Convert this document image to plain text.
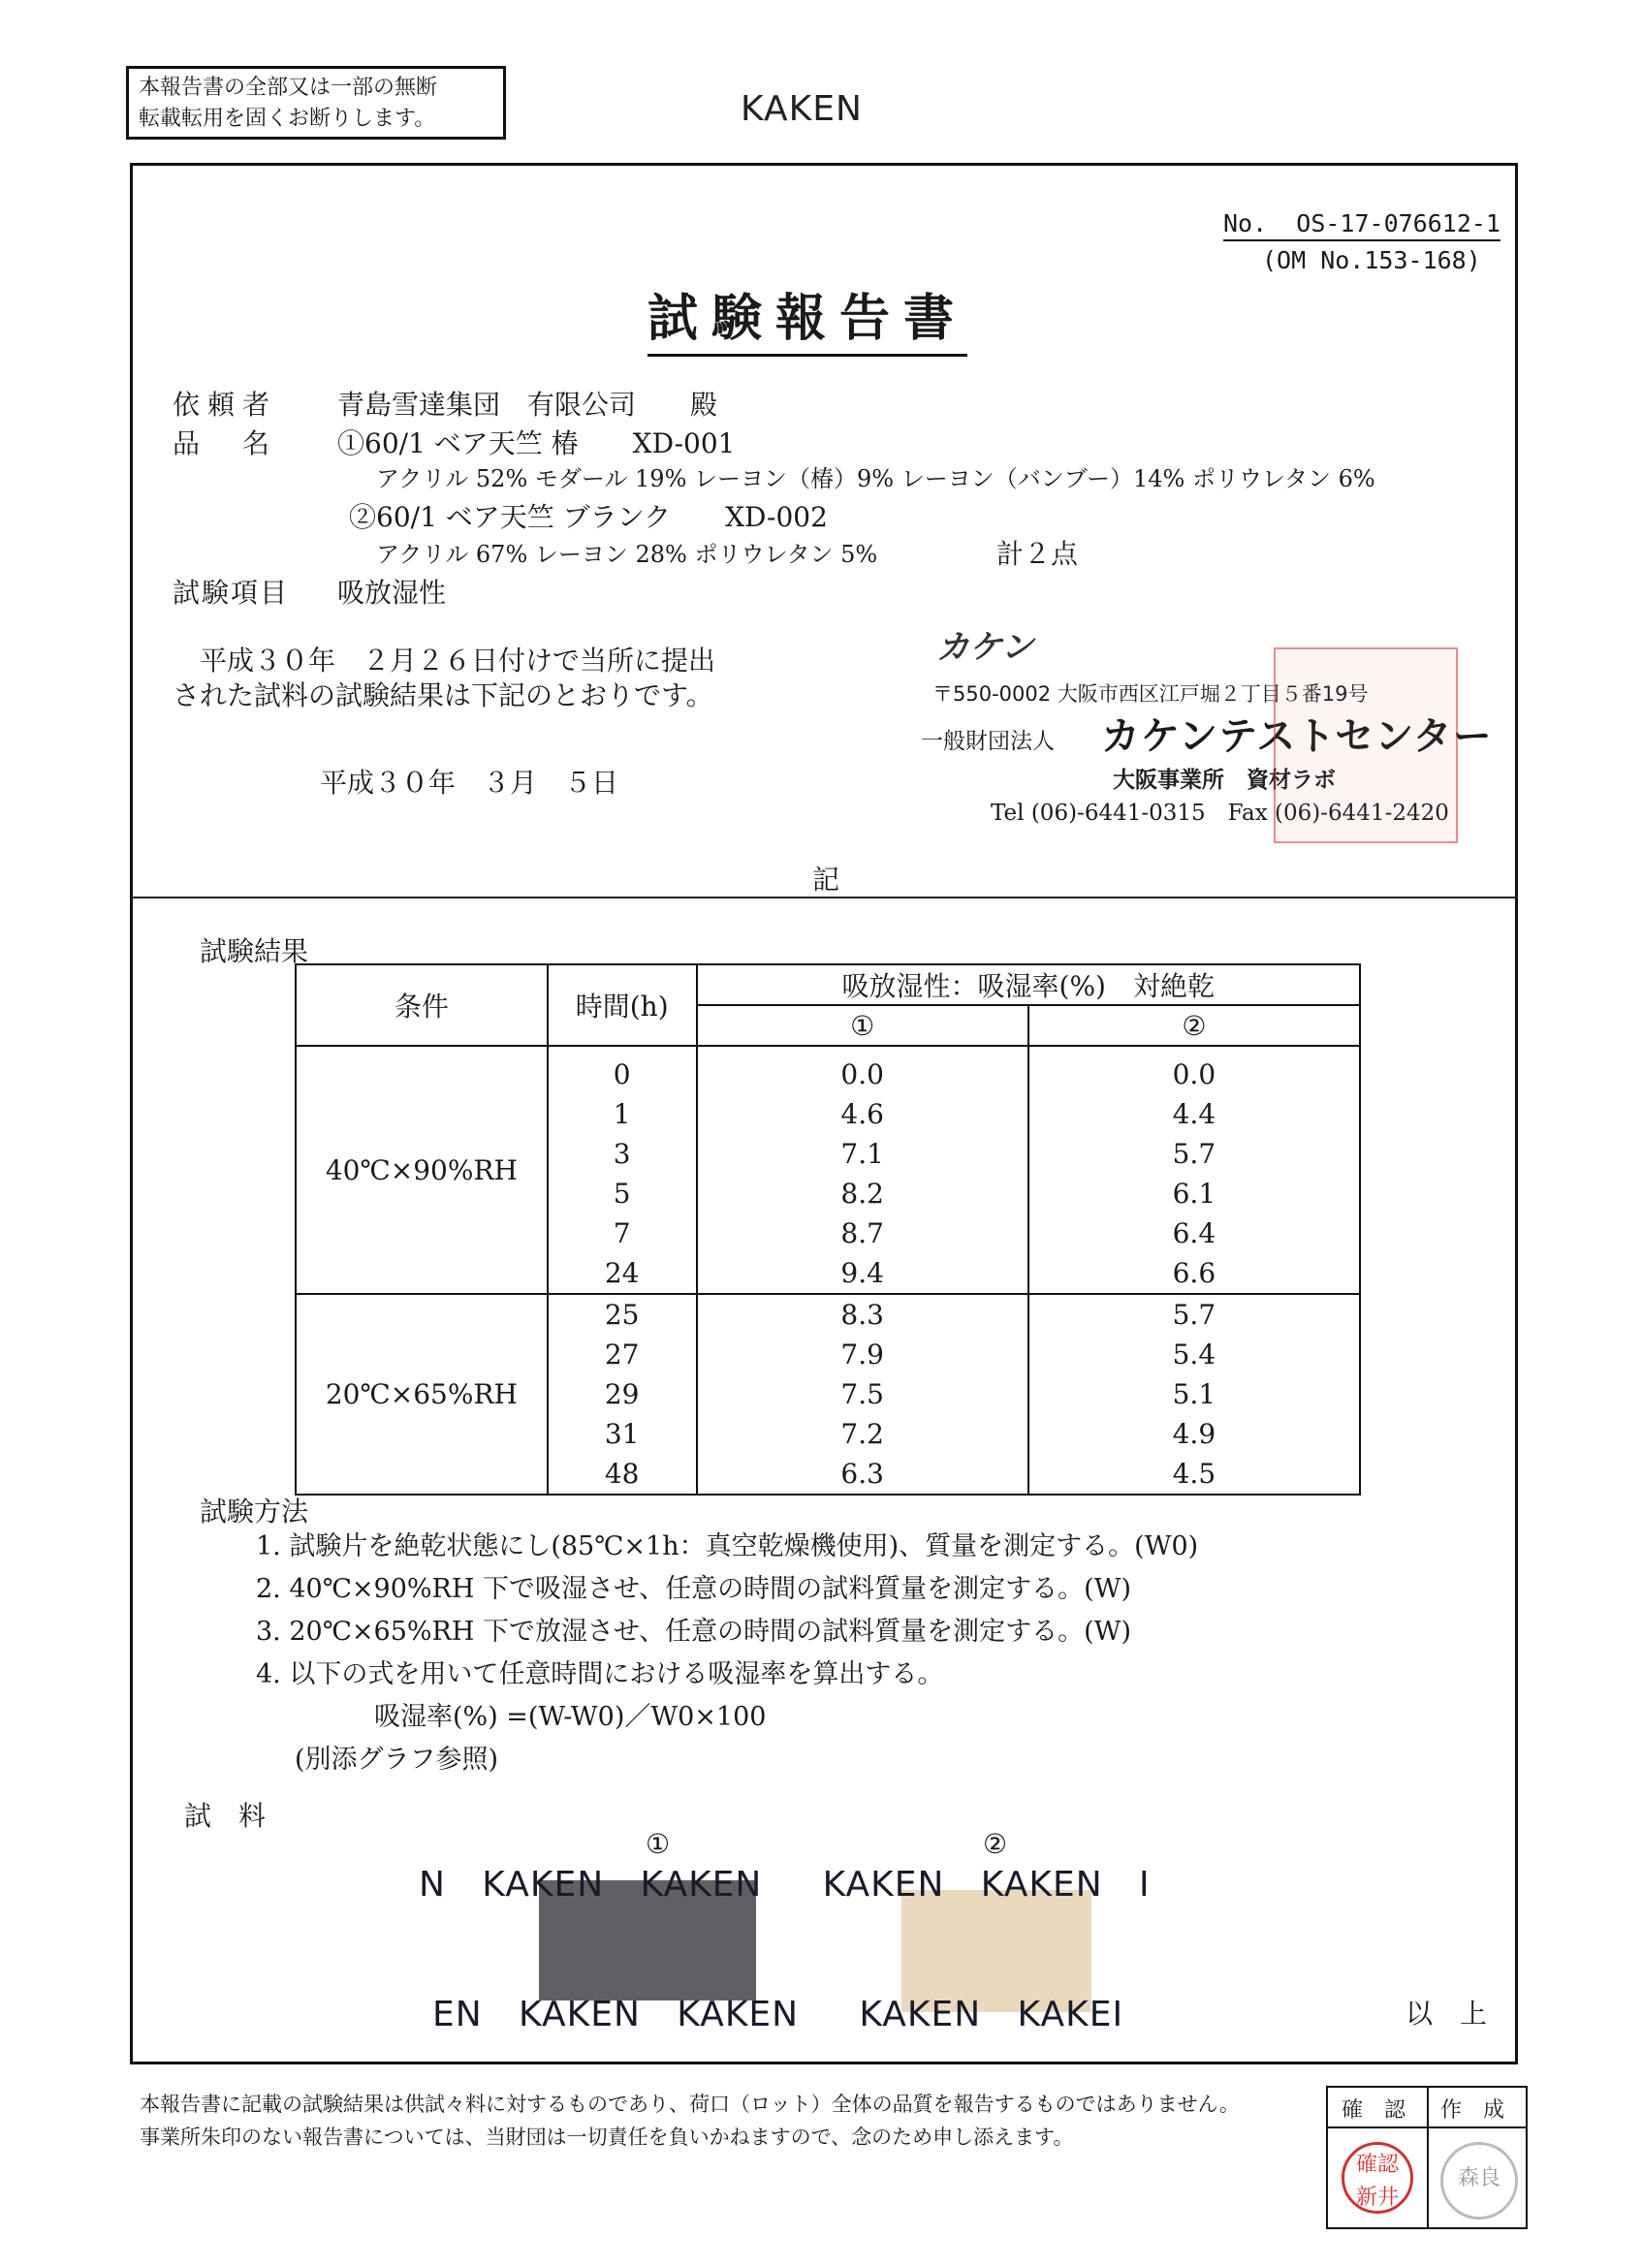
本報告書の全部又は一部の無断
転載転用を固くお断りします。	KAKEN
No. OS-17-076612-1
(OM No.153-168)
試験報告書
依頼者 青島雪達集団　有限公司　　殿
品　名 ①60/1 ベア天竺 椿　　XD-001
アクリル 52% モダール 19% レーヨン（椿）9% レーヨン（バンブー）14% ポリウレタン 6%
②60/1 ベア天竺 ブランク　　XD-002
アクリル 67% レーヨン 28% ポリウレタン 5%	計２点
試験項目 吸放湿性
平成３０年　２月２６日付けで当所に提出
された試料の試験結果は下記のとおりです。
平成３０年　３月　５日
カケン
〒550-0002 大阪市西区江戸堀２丁目５番19号
一般財団法人 カケンテストセンター
大阪事業所　資材ラボ
Tel (06)-6441-0315　Fax (06)-6441-2420
記
試験結果
条件	時間(h)	吸放湿性：吸湿率(%)　対絶乾	
		①	②
40℃×90%RH	0	0.0	0.0
	1	4.6	4.4
	3	7.1	5.7
	5	8.2	6.1
	7	8.7	6.4
	24	9.4	6.6
20℃×65%RH	25	8.3	5.7
	27	7.9	5.4
	29	7.5	5.1
	31	7.2	4.9
	48	6.3	4.5
試験方法
1. 試験片を絶乾状態にし(85℃×1h：真空乾燥機使用)、質量を測定する。(W0)
2. 40℃×90%RH 下で吸湿させ、任意の時間の試料質量を測定する。(W)
3. 20℃×65%RH 下で放湿させ、任意の時間の試料質量を測定する。(W)
4. 以下の式を用いて任意時間における吸湿率を算出する。
吸湿率(%) =(W-W0)／W0×100
(別添グラフ参照)
試　料
①	②
N   KAKEN   KAKEN     KAKEN   KAKEN   I
EN   KAKEN   KAKEN     KAKEN   KAKEI	以　上
本報告書に記載の試験結果は供試々料に対するものであり、荷口（ロット）全体の品質を報告するものではありません。
事業所朱印のない報告書については、当財団は一切責任を負いかねますので、念のため申し添えます。
確　認 作　成
確認 新井
森良
